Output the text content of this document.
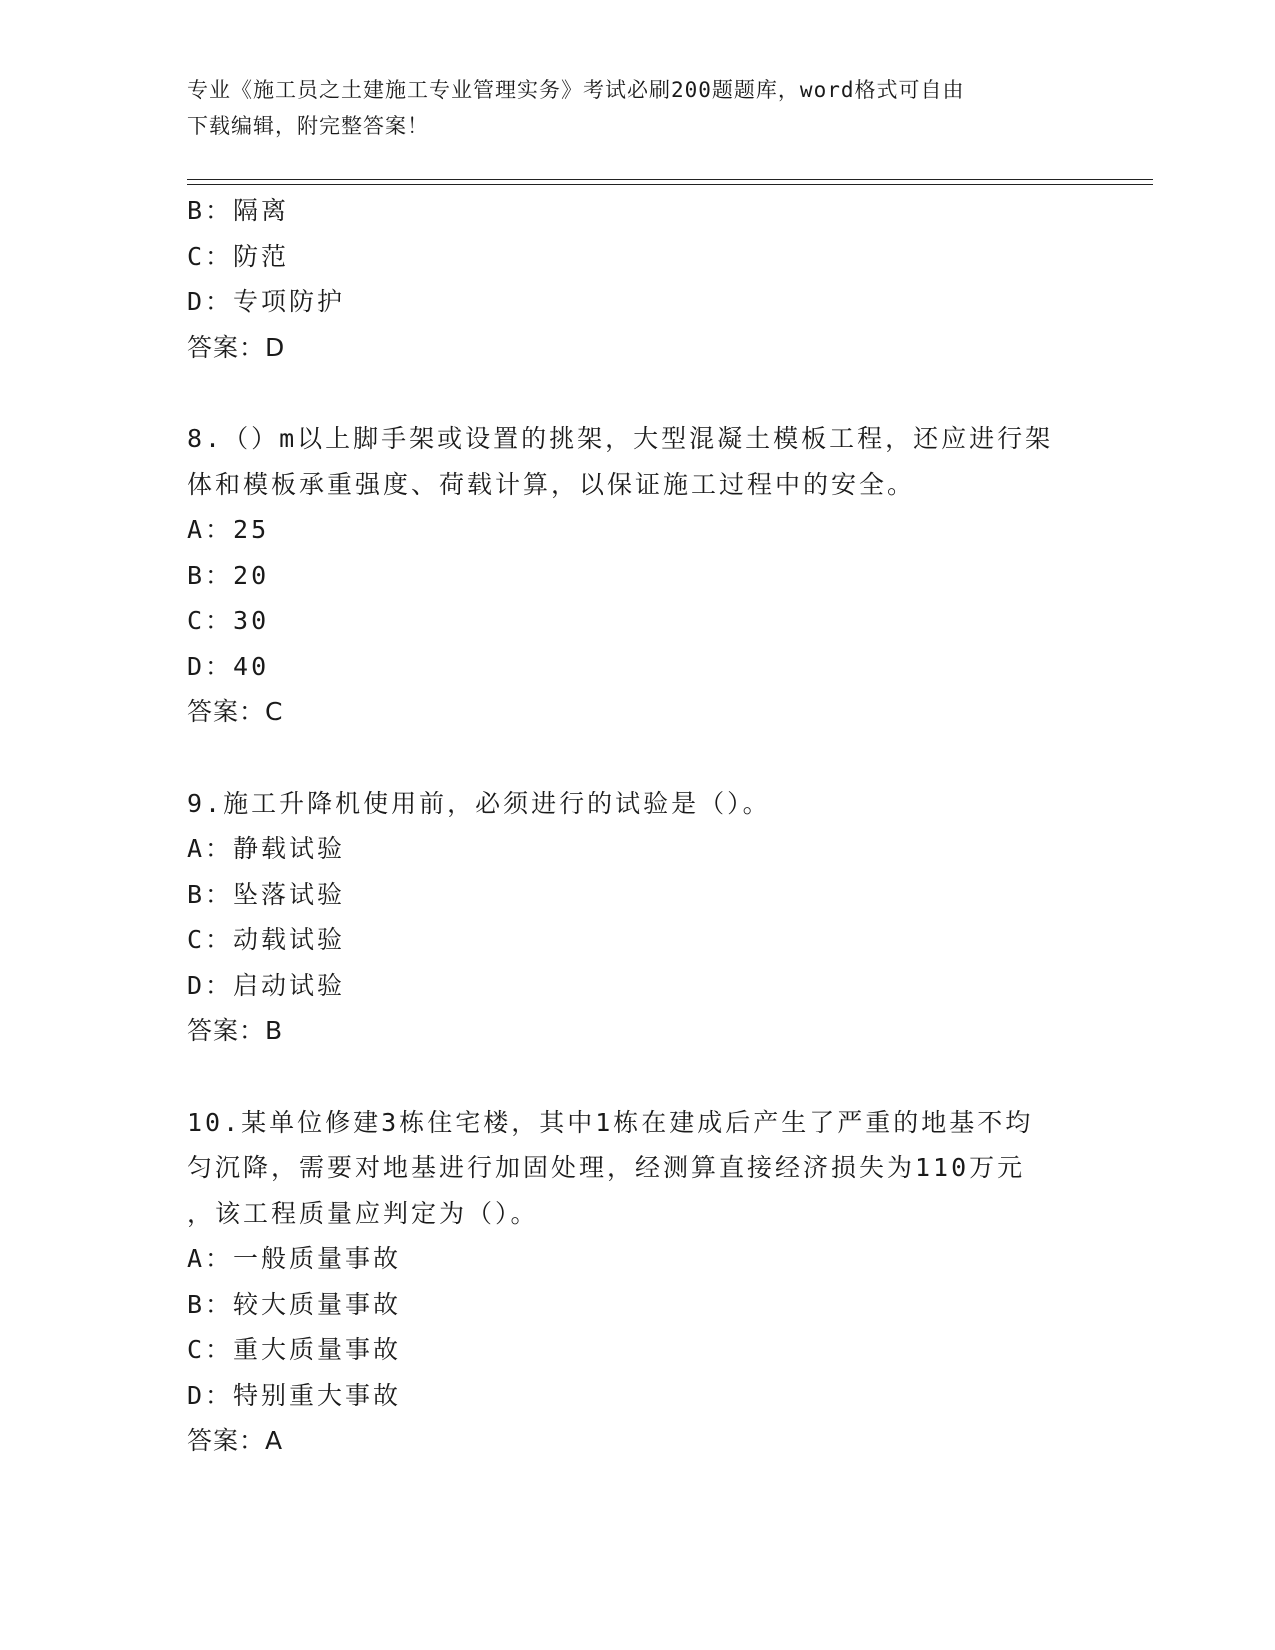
专业《施工员之土建施工专业管理实务》考试必刷200题题库，word格式可自由
下载编辑，附完整答案！
B：隔离
C：防范
D：专项防护
答案：D
8.（）m以上脚手架或设置的挑架，大型混凝土模板工程，还应进行架
体和模板承重强度、荷载计算，以保证施工过程中的安全。
A：25
B：20
C：30
D：40
答案：C
9.施工升降机使用前，必须进行的试验是（）。
A：静载试验
B：坠落试验
C：动载试验
D：启动试验
答案：B
10.某单位修建3栋住宅楼，其中1栋在建成后产生了严重的地基不均
匀沉降，需要对地基进行加固处理，经测算直接经济损失为110万元
，该工程质量应判定为（）。
A：一般质量事故
B：较大质量事故
C：重大质量事故
D：特别重大事故
答案：A
